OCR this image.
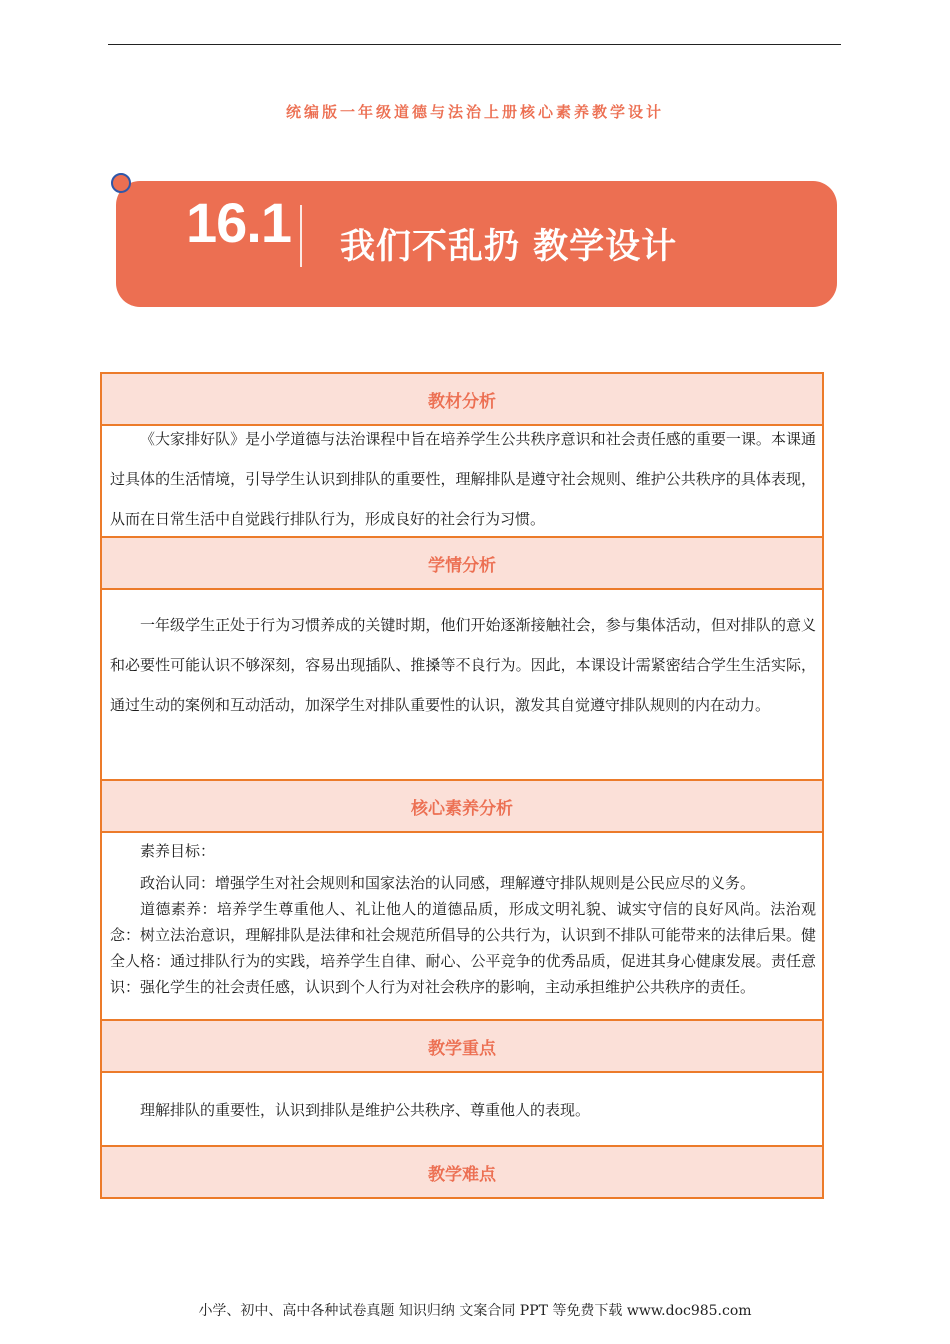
统编版一年级道德与法治上册核心素养教学设计
16.1 我们不乱扔 教学设计
教材分析

《大家排好队》是小学道德与法治课程中旨在培养学生公共秩序意识和社会责任感的重要一课。本课通过具体的生活情境，引导学生认识到排队的重要性，理解排队是遵守社会规则、维护公共秩序的具体表现，从而在日常生活中自觉践行排队行为，形成良好的社会行为习惯。

学情分析

一年级学生正处于行为习惯养成的关键时期，他们开始逐渐接触社会，参与集体活动，但对排队的意义和必要性可能认识不够深刻，容易出现插队、推搡等不良行为。因此，本课设计需紧密结合学生生活实际，通过生动的案例和互动活动，加深学生对排队重要性的认识，激发其自觉遵守排队规则的内在动力。

核心素养分析

素养目标：

政治认同：增强学生对社会规则和国家法治的认同感，理解遵守排队规则是公民应尽的义务。

道德素养：培养学生尊重他人、礼让他人的道德品质，形成文明礼貌、诚实守信的良好风尚。法治观念：树立法治意识，理解排队是法律和社会规范所倡导的公共行为，认识到不排队可能带来的法律后果。健全人格：通过排队行为的实践，培养学生自律、耐心、公平竞争的优秀品质，促进其身心健康发展。责任意识：强化学生的社会责任感，认识到个人行为对社会秩序的影响，主动承担维护公共秩序的责任。

教学重点

理解排队的重要性，认识到排队是维护公共秩序、尊重他人的表现。

教学难点
小学、初中、高中各种试卷真题 知识归纳 文案合同 PPT 等免费下载 www.doc985.com
